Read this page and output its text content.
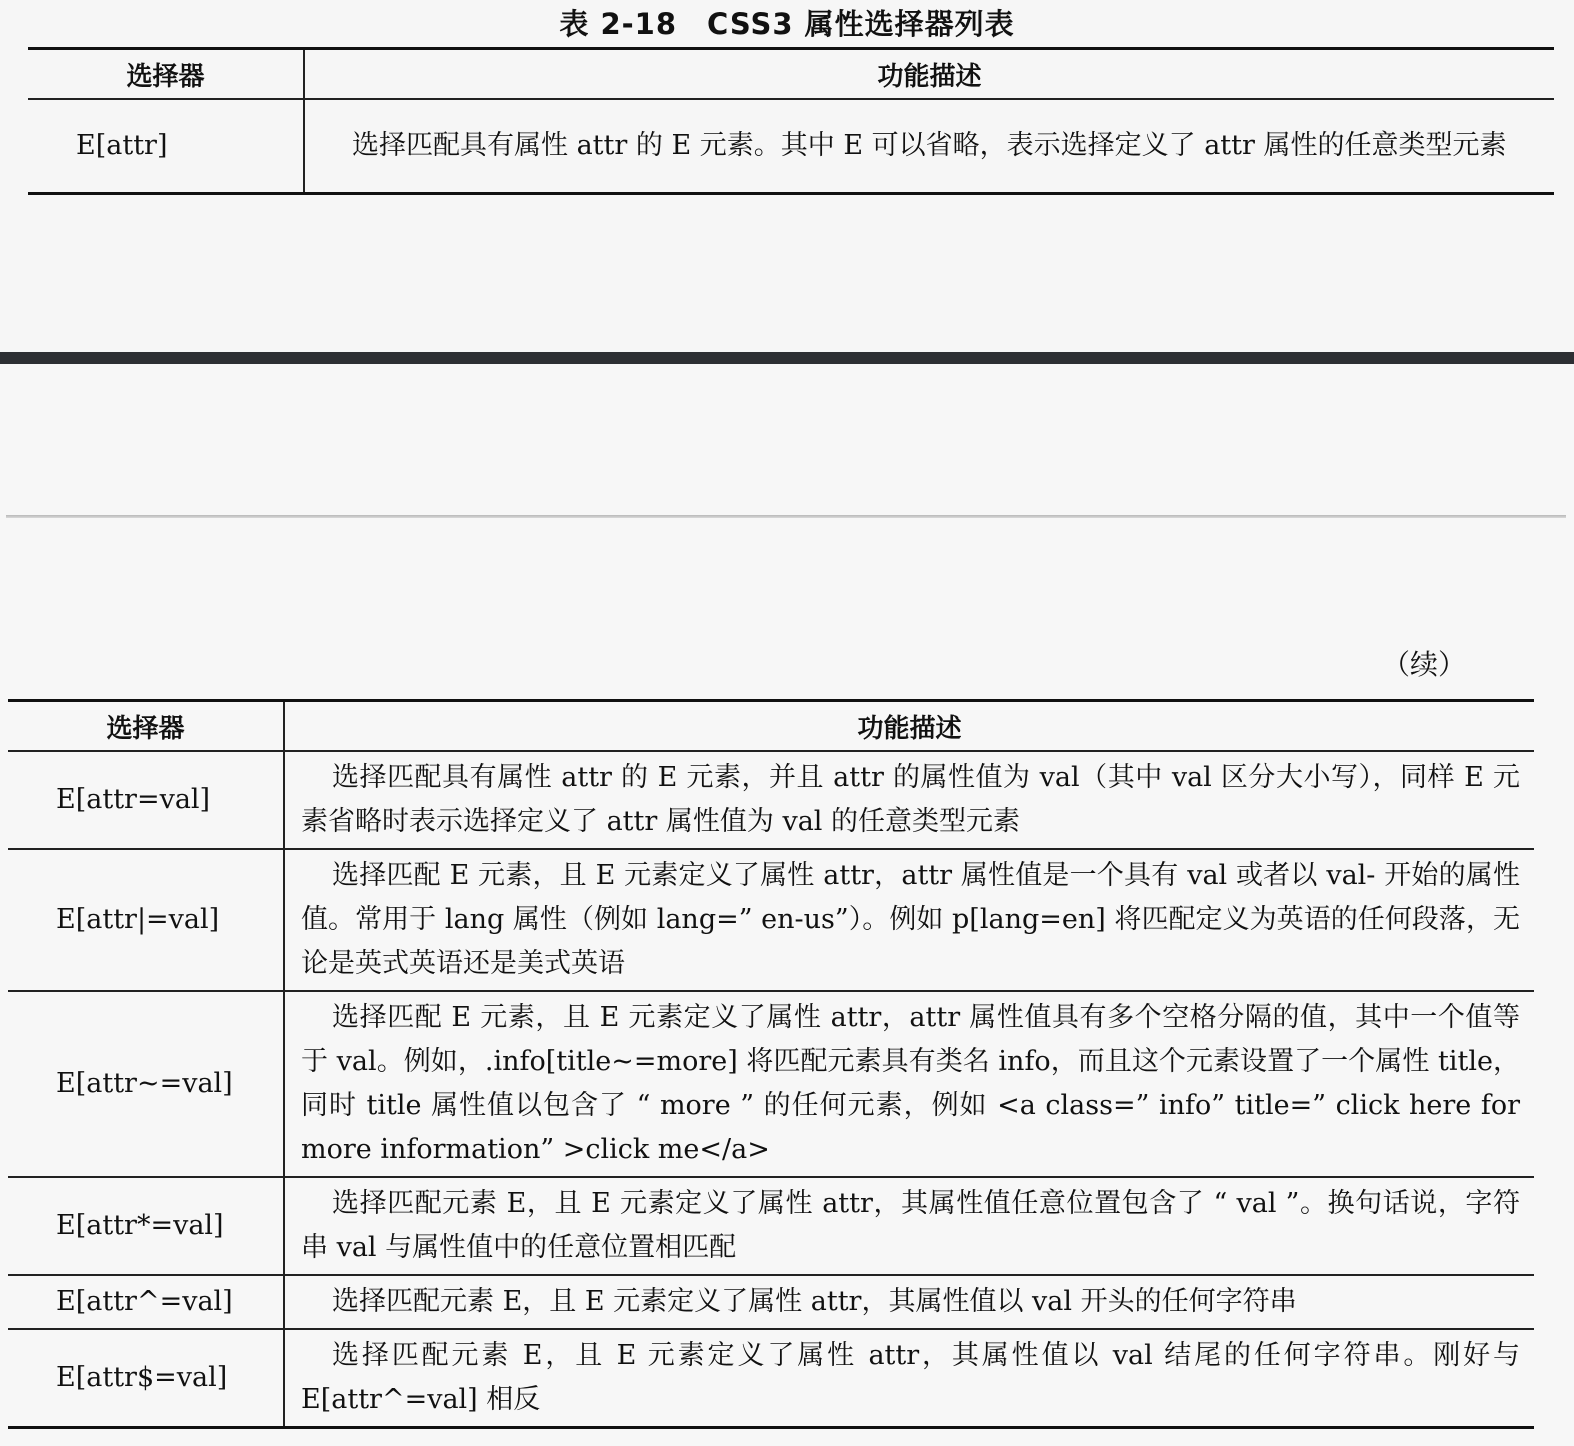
表 2-18　CSS3 属性选择器列表
选择器	功能描述
E[attr]	选择匹配具有属性 attr 的 E 元素。其中 E 可以省略，表示选择定义了 attr 属性的任意类型元素
（续）
选择器	功能描述
E[attr=val]	选择匹配具有属性 attr 的 E 元素，并且 attr 的属性值为 val（其中 val 区分大小写），同样 E 元素省略时表示选择定义了 attr 属性值为 val 的任意类型元素
E[attr|=val]	选择匹配 E 元素，且 E 元素定义了属性 attr，attr 属性值是一个具有 val 或者以 val- 开始的属性值。常用于 lang 属性（例如 lang=” en-us”）。例如 p[lang=en] 将匹配定义为英语的任何段落，无论是英式英语还是美式英语
E[attr~=val]	选择匹配 E 元素，且 E 元素定义了属性 attr，attr 属性值具有多个空格分隔的值，其中一个值等于 val。例如，.info[title~=more] 将匹配元素具有类名 info，而且这个元素设置了一个属性 title，同时 title 属性值以包含了 “ more ” 的任何元素，例如 <a class=” info” title=” click here for more information” >click me</a>
E[attr*=val]	选择匹配元素 E，且 E 元素定义了属性 attr，其属性值任意位置包含了 “ val ”。换句话说，字符串 val 与属性值中的任意位置相匹配
E[attr^=val]	选择匹配元素 E，且 E 元素定义了属性 attr，其属性值以 val 开头的任何字符串
E[attr$=val]	选择匹配元素 E，且 E 元素定义了属性 attr，其属性值以 val 结尾的任何字符串。刚好与 E[attr^=val] 相反
